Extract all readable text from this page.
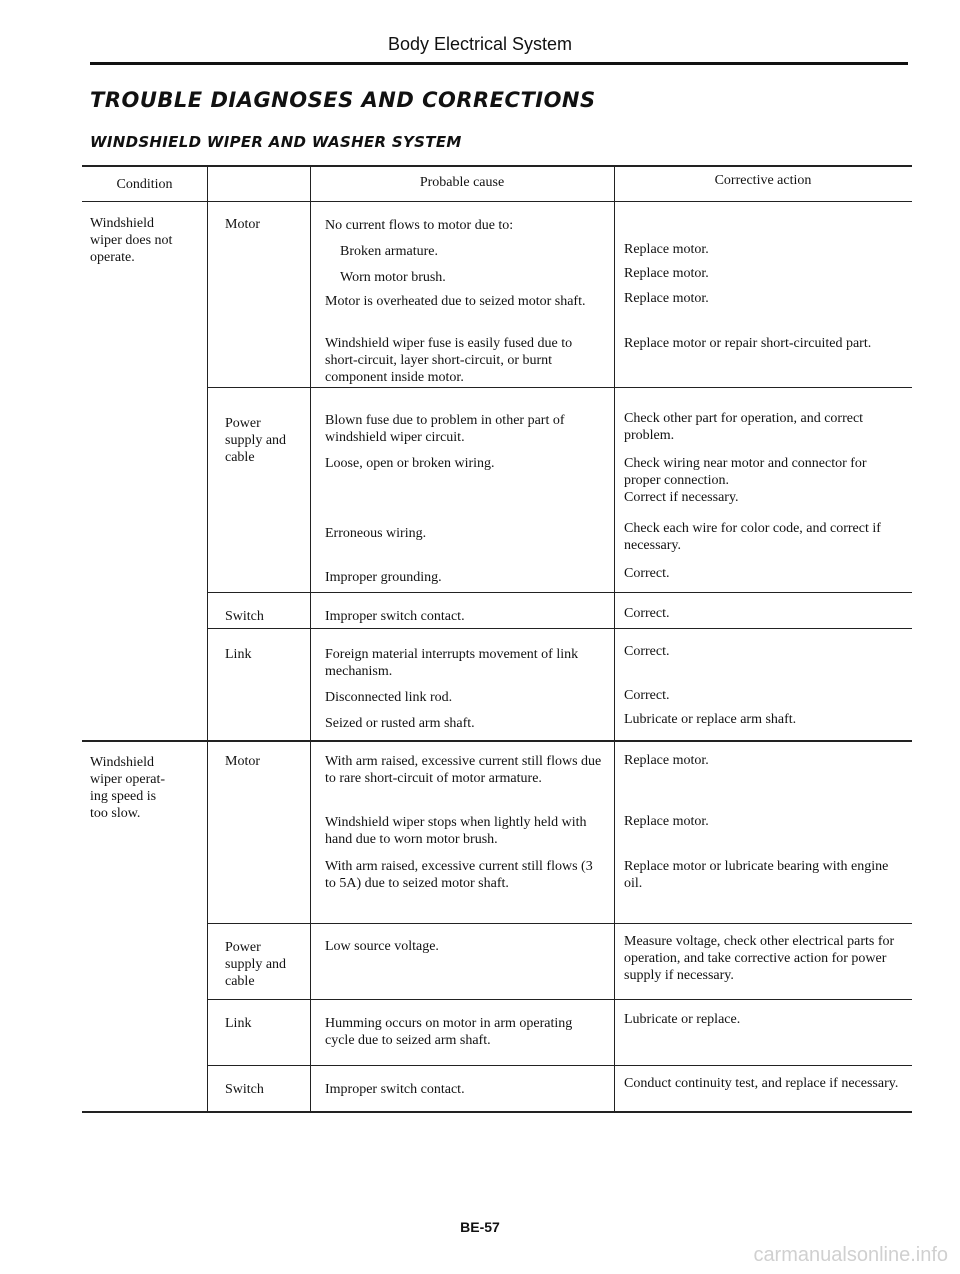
Body Electrical System
TROUBLE DIAGNOSES AND CORRECTIONS
WINDSHIELD WIPER AND WASHER SYSTEM
Condition	Probable cause	Corrective action
Windshield
wiper does not
operate.
Windshield
wiper operat-
ing speed is
too slow.
Motor
Power
supply and
cable
Switch
Link
Motor
Power
supply and
cable
Link
Switch
No current flows to motor due to:
Broken armature.
Worn motor brush.
Motor is overheated due to seized motor shaft.
Windshield wiper fuse is easily fused due to short-circuit, layer short-circuit, or burnt component inside motor.
Blown fuse due to problem in other part of windshield wiper circuit.
Loose, open or broken wiring.
Erroneous wiring.
Improper grounding.
Improper switch contact.
Foreign material interrupts movement of link mechanism.
Disconnected link rod.
Seized or rusted arm shaft.
With arm raised, excessive current still flows due to rare short-circuit of motor armature.
Windshield wiper stops when lightly held with hand due to worn motor brush.
With arm raised, excessive current still flows (3 to 5A) due to seized motor shaft.
Low source voltage.
Humming occurs on motor in arm operating cycle due to seized arm shaft.
Improper switch contact.
Replace motor.
Replace motor.
Replace motor.
Replace motor or repair short-circuited part.
Check other part for operation, and correct problem.
Check wiring near motor and connector for proper connection.
Correct if necessary.
Check each wire for color code, and correct if necessary.
Correct.
Correct.
Correct.
Correct.
Lubricate or replace arm shaft.
Replace motor.
Replace motor.
Replace motor or lubricate bearing with engine oil.
Measure voltage, check other electrical parts for operation, and take corrective action for power supply if necessary.
Lubricate or replace.
Conduct continuity test, and replace if necessary.
BE-57
carmanualsonline.info
